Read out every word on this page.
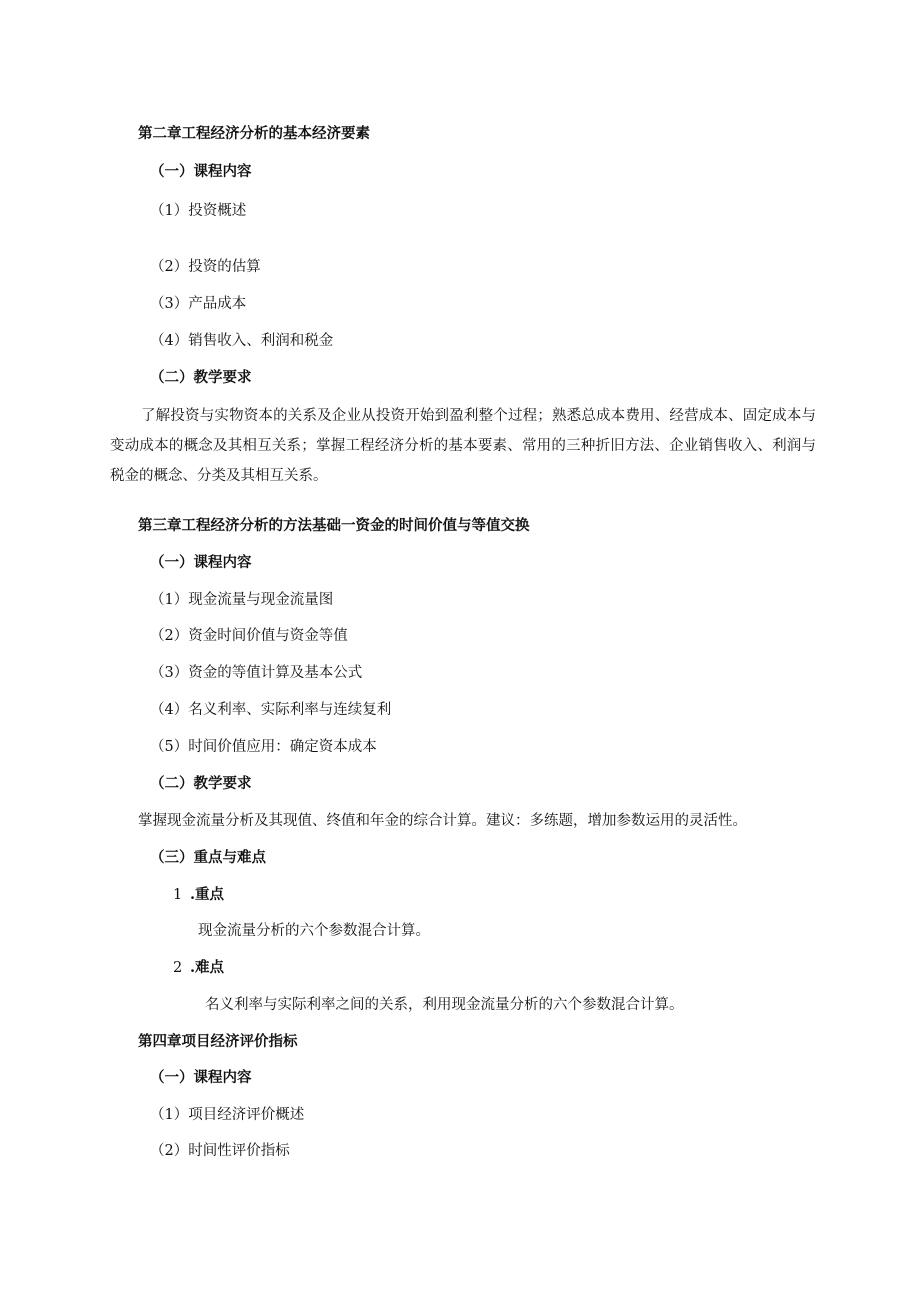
第二章工程经济分析的基本经济要素
（一）课程内容
（1）投资概述
（2）投资的估算
（3）产品成本
（4）销售收入、利润和税金
（二）教学要求

了解投资与实物资本的关系及企业从投资开始到盈利整个过程；熟悉总成本费用、经营成本、固定成本与变动成本的概念及其相互关系；掌握工程经济分析的基本要素、常用的三种折旧方法、企业销售收入、利润与税金的概念、分类及其相互关系。

第三章工程经济分析的方法基础一资金的时间价值与等值交换
（一）课程内容
（1）现金流量与现金流量图
（2）资金时间价值与资金等值
（3）资金的等值计算及基本公式
（4）名义利率、实际利率与连续复利
（5）时间价值应用：确定资本成本
（二）教学要求
掌握现金流量分析及其现值、终值和年金的综合计算。建议：多练题，增加参数运用的灵活性。
（三）重点与难点
1 .重点
现金流量分析的六个参数混合计算。
2 .难点
名义利率与实际利率之间的关系，利用现金流量分析的六个参数混合计算。
第四章项目经济评价指标
（一）课程内容
（1）项目经济评价概述
（2）时间性评价指标
